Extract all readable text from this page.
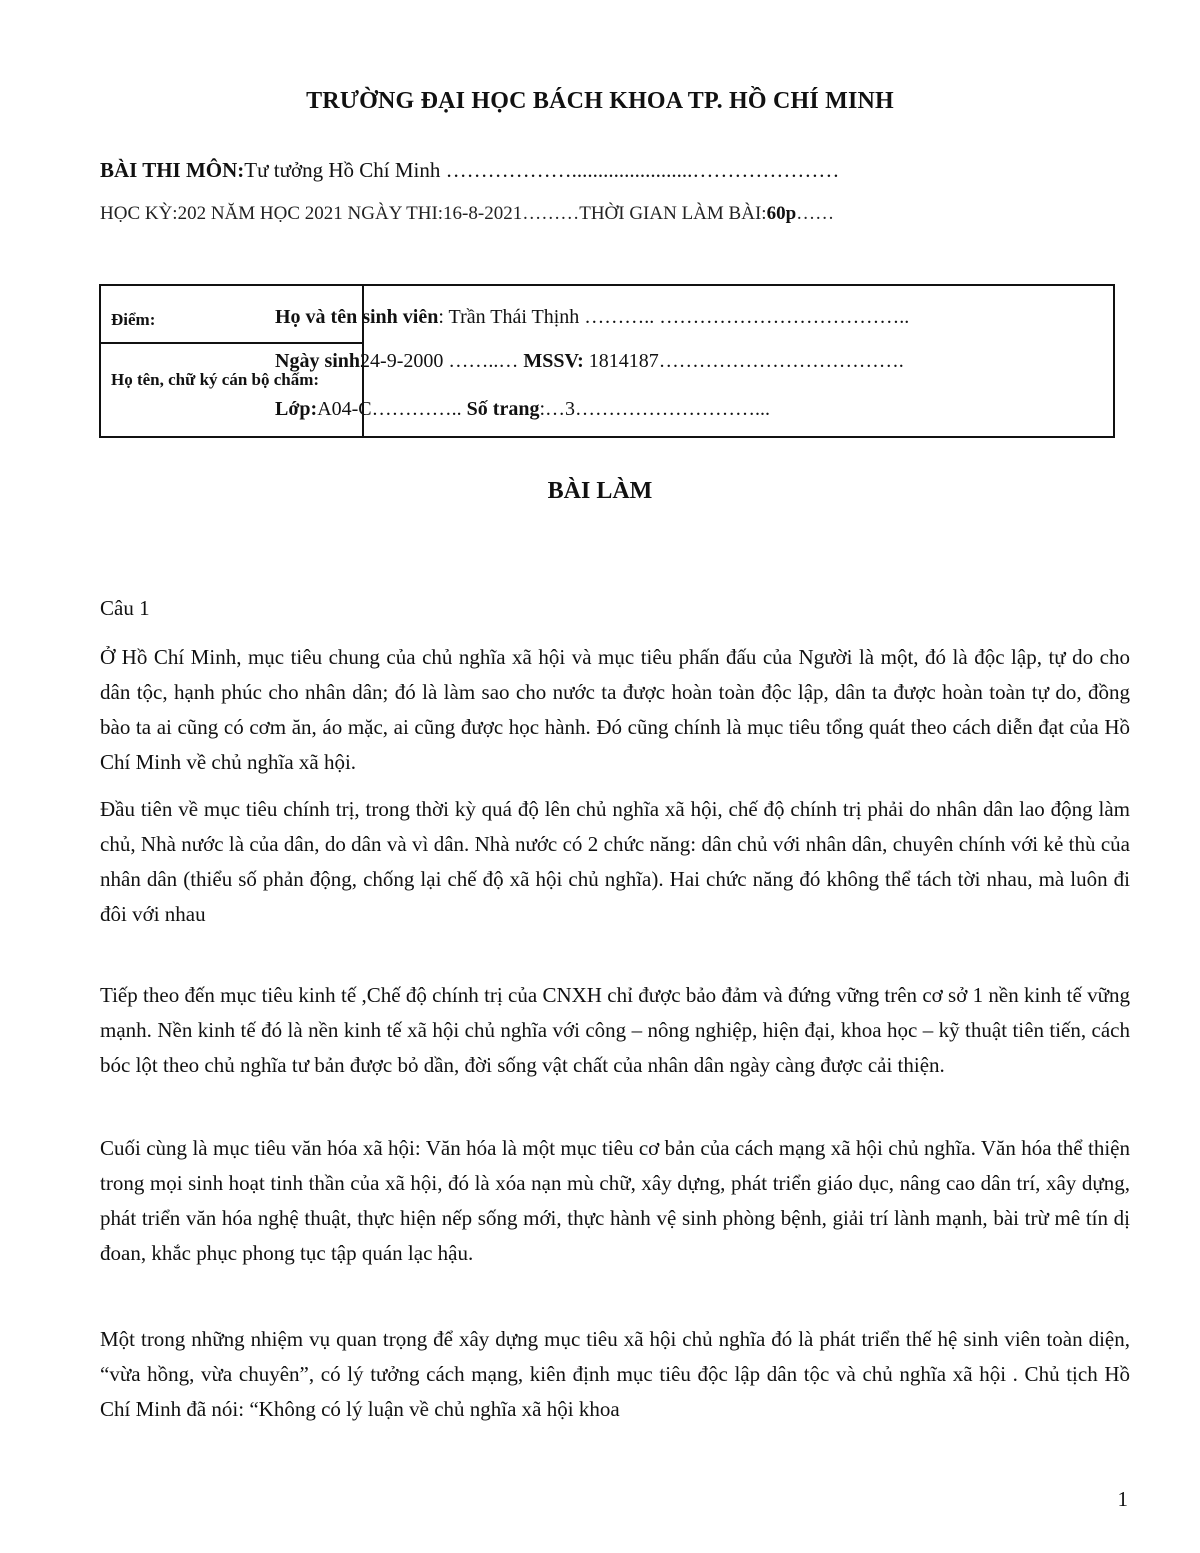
TRƯỜNG ĐẠI HỌC BÁCH KHOA TP. HỒ CHÍ MINH
BÀI THI MÔN:Tư tưởng Hồ Chí Minh ……………….......................…………………
HỌC KỲ:202 NĂM HỌC 2021 NGÀY THI:16-8-2021………THỜI GIAN LÀM BÀI:60p……
Điểm:
Họ tên, chữ ký cán bộ chấm:
Họ và tên sinh viên: Trần Thái Thịnh ……….. ………………………………..
Ngày sinh24-9-2000 ……..… MSSV: 1814187……………………………….
Lớp:A04-C………….. Số trang:…3………………………...
BÀI LÀM
Câu 1

Ở Hồ Chí Minh, mục tiêu chung của chủ nghĩa xã hội và mục tiêu phấn đấu của Người là một, đó là độc lập, tự do cho dân tộc, hạnh phúc cho nhân dân; đó là làm sao cho nước ta được hoàn toàn độc lập, dân ta được hoàn toàn tự do, đồng bào ta ai cũng có cơm ăn, áo mặc, ai cũng được học hành. Đó cũng chính là mục tiêu tổng quát theo cách diễn đạt của Hồ Chí Minh về chủ nghĩa xã hội.

Đầu tiên về mục tiêu chính trị, trong thời kỳ quá độ lên chủ nghĩa xã hội, chế độ chính trị phải do nhân dân lao động làm chủ, Nhà nước là của dân, do dân và vì dân. Nhà nước có 2 chức năng: dân chủ với nhân dân, chuyên chính với kẻ thù của nhân dân (thiểu số phản động, chống lại chế độ xã hội chủ nghĩa). Hai chức năng đó không thể tách tời nhau, mà luôn đi đôi với nhau

Tiếp theo đến mục tiêu kinh tế ,Chế độ chính trị của CNXH chỉ được bảo đảm và đứng vững trên cơ sở 1 nền kinh tế vững mạnh. Nền kinh tế đó là nền kinh tế xã hội chủ nghĩa với công – nông nghiệp, hiện đại, khoa học – kỹ thuật tiên tiến, cách bóc lột theo chủ nghĩa tư bản được bỏ dần, đời sống vật chất của nhân dân ngày càng được cải thiện.

Cuối cùng là mục tiêu văn hóa xã hội: Văn hóa là một mục tiêu cơ bản của cách mạng xã hội chủ nghĩa. Văn hóa thể thiện trong mọi sinh hoạt tinh thần của xã hội, đó là xóa nạn mù chữ, xây dựng, phát triển giáo dục, nâng cao dân trí, xây dựng, phát triển văn hóa nghệ thuật, thực hiện nếp sống mới, thực hành vệ sinh phòng bệnh, giải trí lành mạnh, bài trừ mê tín dị đoan, khắc phục phong tục tập quán lạc hậu.

Một trong những nhiệm vụ quan trọng để xây dựng mục tiêu xã hội chủ nghĩa đó là phát triển thế hệ sinh viên toàn diện, “vừa hồng, vừa chuyên”, có lý tưởng cách mạng, kiên định mục tiêu độc lập dân tộc và chủ nghĩa xã hội . Chủ tịch Hồ Chí Minh đã nói: “Không có lý luận về chủ nghĩa xã hội khoa

1
